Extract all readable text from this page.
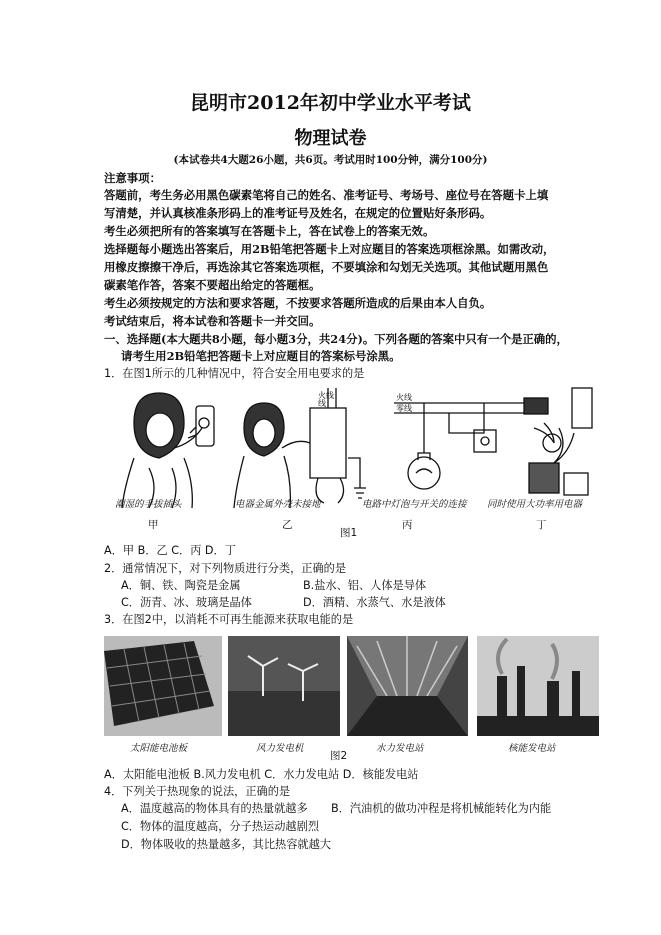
昆明市2012年初中学业水平考试
物理试卷
(本试卷共4大题26小题，共6页。考试用时100分钟，满分100分)
注意事项：
答题前，考生务必用黑色碳素笔将自己的姓名、准考证号、考场号、座位号在答题卡上填
写清楚，并认真核准条形码上的准考证号及姓名，在规定的位置贴好条形码。
考生必须把所有的答案填写在答题卡上，答在试卷上的答案无效。
选择题每小题选出答案后，用2B铅笔把答题卡上对应题目的答案选项框涂黑。如需改动，
用橡皮擦擦干净后，再选涂其它答案选项框，不要填涂和勾划无关选项。其他试题用黑色
碳素笔作答，答案不要超出给定的答题框。
考生必须按规定的方法和要求答题，不按要求答题所造成的后果由本人自负。
考试结束后，将本试卷和答题卡一并交回。
一、选择题(本大题共8小题，每小题3分，共24分)。下列各题的答案中只有一个是正确的，
请考生用2B铅笔把答题卡上对应题目的答案标号涂黑。
1．在图1所示的几种情况中，符合安全用电要求的是
火线
线
火线
零线
潮湿的手拔插头	电器金属外壳未接地	电路中灯泡与开关的连接 同时使用大功率用电器
甲	乙	丙	丁
图1
A．甲 B．乙 C．丙 D．丁
2．通常情况下，对下列物质进行分类，正确的是
A．铜、铁、陶瓷是金属	B.盐水、铝、人体是导体
C．沥青、冰、玻璃是晶体	D．酒精、水蒸气、水是液体
3．在图2中，以消耗不可再生能源来获取电能的是
太阳能电池板	风力发电机	水力发电站	核能发电站
图2
A．太阳能电池板 B.风力发电机 C．水力发电站 D．核能发电站
4．下列关于热现象的说法，正确的是
A．温度越高的物体具有的热量就越多 B．汽油机的做功冲程是将机械能转化为内能
C．物体的温度越高，分子热运动越剧烈
D．物体吸收的热量越多，其比热容就越大
